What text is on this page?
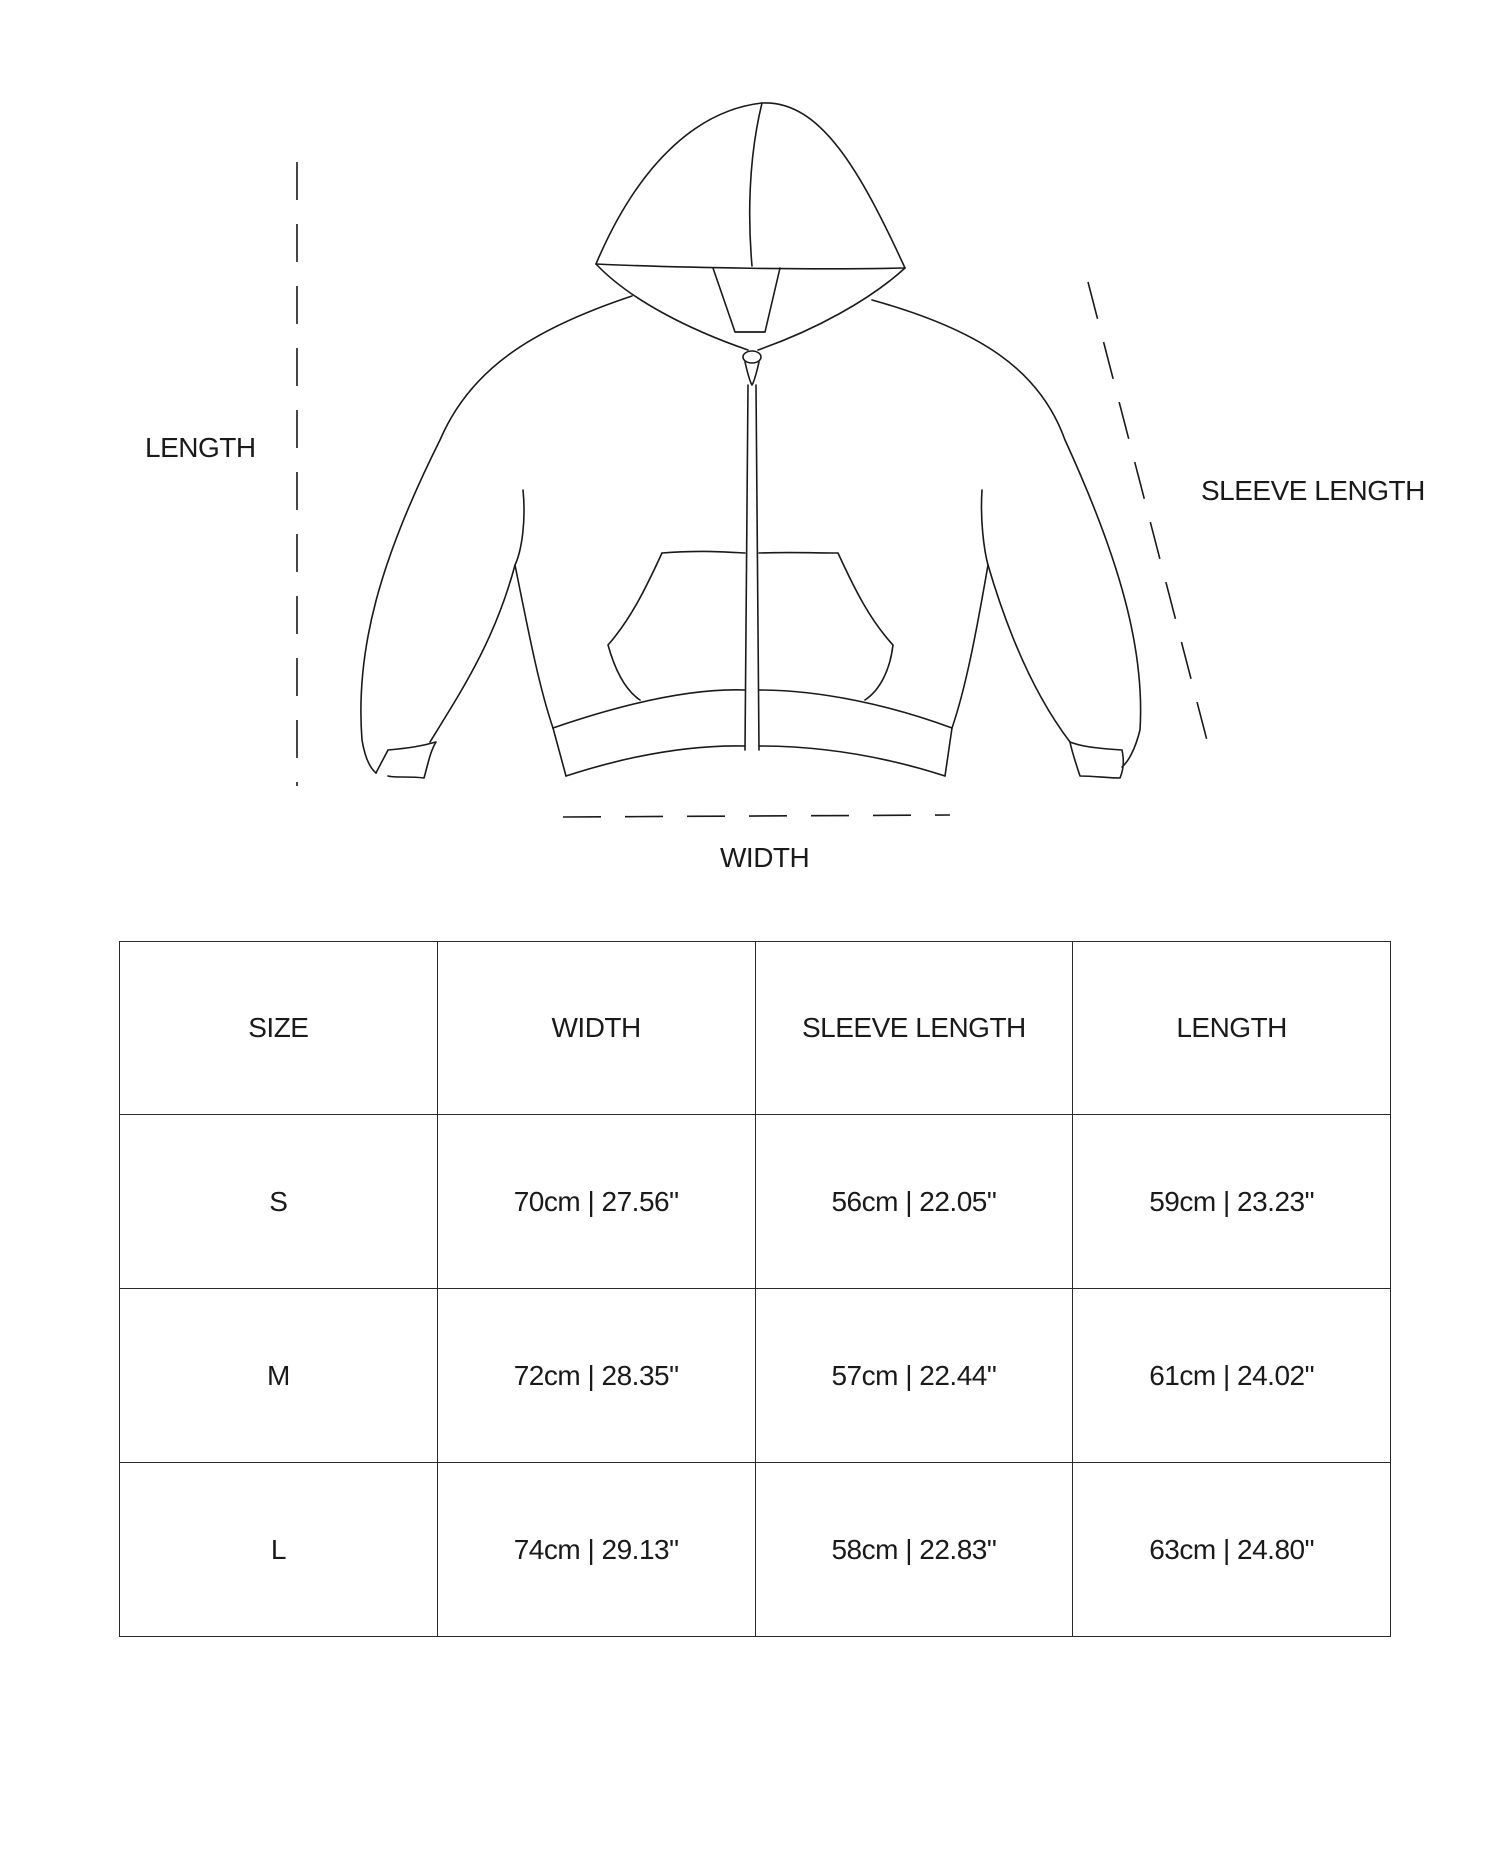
LENGTH
SLEEVE LENGTH
WIDTH
SIZE	WIDTH	SLEEVE LENGTH	LENGTH
S	70cm | 27.56"	56cm | 22.05"	59cm | 23.23"
M	72cm | 28.35"	57cm | 22.44"	61cm | 24.02"
L	74cm | 29.13"	58cm | 22.83"	63cm | 24.80"
